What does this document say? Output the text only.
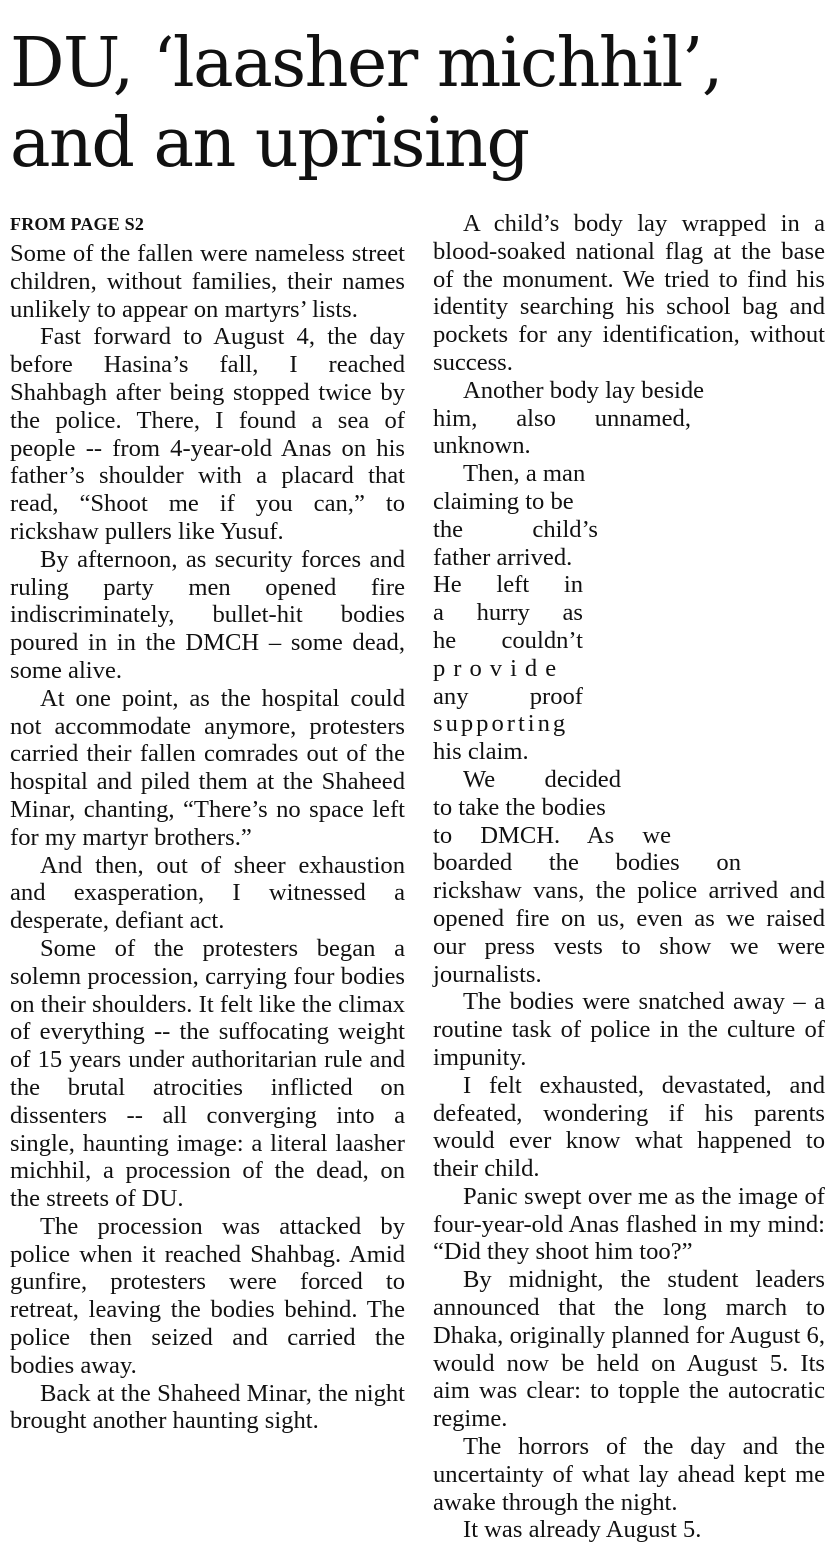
DU, ‘laasher michhil’,
and an uprising
FROM PAGE S2

Some of the fallen were nameless street children, without families, their names unlikely to appear on martyrs’ lists.

Fast forward to August 4, the day before Hasina’s fall, I reached Shahbagh after being stopped twice by the police. There, I found a sea of people -- from 4-year-old Anas on his father’s shoulder with a placard that read, “Shoot me if you can,” to rickshaw pullers like Yusuf.

By afternoon, as security forces and ruling party men opened fire indiscriminately, bullet-hit bodies poured in in the DMCH – some dead, some alive.

At one point, as the hospital could not accommodate anymore, protesters carried their fallen comrades out of the hospital and piled them at the Shaheed Minar, chanting, “There’s no space left for my martyr brothers.”

And then, out of sheer exhaustion and exasperation, I witnessed a desperate, defiant act.

Some of the protesters began a solemn procession, carrying four bodies on their shoulders. It felt like the climax of everything -- the suffocating weight of 15 years under authoritarian rule and the brutal atrocities inflicted on dissenters -- all converging into a single, haunting image: a literal laasher michhil, a procession of the dead, on the streets of DU.

The procession was attacked by police when it reached Shahbag. Amid gunfire, protesters were forced to retreat, leaving the bodies behind. The police then seized and carried the bodies away.

Back at the Shaheed Minar, the night brought another haunting sight.

A child’s body lay wrapped in a blood-soaked national flag at the base of the monument. We tried to find his identity searching his school bag and pockets for any identification, without success.

Another body lay beside

him, also unnamed,

unknown.

Then, a man

claiming to be

the child’s

father arrived.

He left in

a hurry as

he couldn’t

provide

any proof

supporting

his claim.

We decided

to take the bodies

to DMCH. As we

boarded the bodies on

rickshaw vans, the police arrived and opened fire on us, even as we raised our press vests to show we were journalists.

The bodies were snatched away – a routine task of police in the culture of impunity.

I felt exhausted, devastated, and defeated, wondering if his parents would ever know what happened to their child.

Panic swept over me as the image of four-year-old Anas flashed in my mind: “Did they shoot him too?”

By midnight, the student leaders announced that the long march to Dhaka, originally planned for August 6, would now be held on August 5. Its aim was clear: to topple the autocratic regime.

The horrors of the day and the uncertainty of what lay ahead kept me awake through the night.

It was already August 5.
